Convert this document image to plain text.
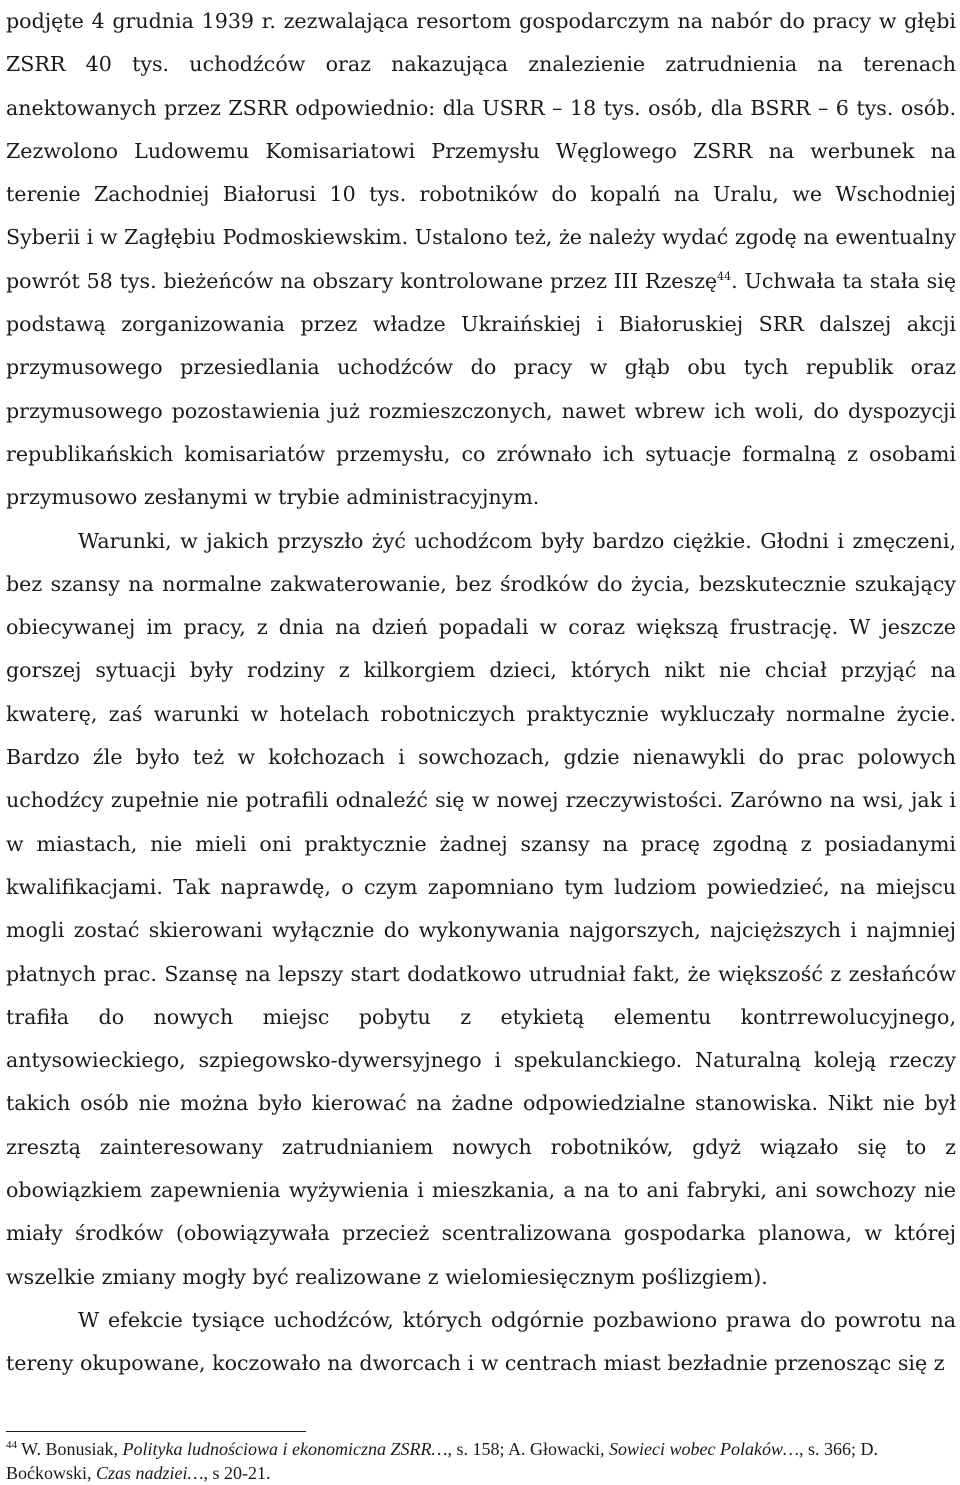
podjęte 4 grudnia 1939 r. zezwalająca resortom gospodarczym na nabór do pracy w głębi ZSRR 40 tys. uchodźców oraz nakazująca znalezienie zatrudnienia na terenach anektowanych przez ZSRR odpowiednio: dla USRR – 18 tys. osób, dla BSRR – 6 tys. osób. Zezwolono Ludowemu Komisariatowi Przemysłu Węglowego ZSRR na werbunek na terenie Zachodniej Białorusi 10 tys. robotników do kopalń na Uralu, we Wschodniej Syberii i w Zagłębiu Podmoskiewskim. Ustalono też, że należy wydać zgodę na ewentualny powrót 58 tys. bieżeńców na obszary kontrolowane przez III Rzeszę$^{44}$. Uchwała ta stała się podstawą zorganizowania przez władze Ukraińskiej i Białoruskiej SRR dalszej akcji przymusowego przesiedlania uchodźców do pracy w głąb obu tych republik oraz przymusowego pozostawienia już rozmieszczonych, nawet wbrew ich woli, do dyspozycji republikańskich komisariatów przemysłu, co zrównało ich sytuacje formalną z osobami przymusowo zesłanymi w trybie administracyjnym.

Warunki, w jakich przyszło żyć uchodźcom były bardzo ciężkie. Głodni i zmęczeni, bez szansy na normalne zakwaterowanie, bez środków do życia, bezskutecznie szukający obiecywanej im pracy, z dnia na dzień popadali w coraz większą frustrację. W jeszcze gorszej sytuacji były rodziny z kilkorgiem dzieci, których nikt nie chciał przyjąć na kwaterę, zaś warunki w hotelach robotniczych praktycznie wykluczały normalne życie. Bardzo źle było też w kołchozach i sowchozach, gdzie nienawykli do prac polowych uchodźcy zupełnie nie potrafili odnaleźć się w nowej rzeczywistości. Zarówno na wsi, jak i w miastach, nie mieli oni praktycznie żadnej szansy na pracę zgodną z posiadanymi kwalifikacjami. Tak naprawdę, o czym zapomniano tym ludziom powiedzieć, na miejscu mogli zostać skierowani wyłącznie do wykonywania najgorszych, najcięższych i najmniej płatnych prac. Szansę na lepszy start dodatkowo utrudniał fakt, że większość z zesłańców trafiła do nowych miejsc pobytu z etykietą elementu kontrrewolucyjnego, antysowieckiego, szpiegowsko-dywersyjnego i spekulanckiego. Naturalną koleją rzeczy takich osób nie można było kierować na żadne odpowiedzialne stanowiska. Nikt nie był zresztą zainteresowany zatrudnianiem nowych robotników, gdyż wiązało się to z obowiązkiem zapewnienia wyżywienia i mieszkania, a na to ani fabryki, ani sowchozy nie miały środków (obowiązywała przecież scentralizowana gospodarka planowa, w której wszelkie zmiany mogły być realizowane z wielomiesięcznym poślizgiem).

W efekcie tysiące uchodźców, których odgórnie pozbawiono prawa do powrotu na tereny okupowane, koczowało na dworcach i w centrach miast bezładnie przenosząc się z

$^{44}$ W. Bonusiak, Polityka ludnościowa i ekonomiczna ZSRR…, s. 158; A. Głowacki, Sowieci wobec Polaków…, s. 366; D. Boćkowski, Czas nadziei…, s 20-21.
